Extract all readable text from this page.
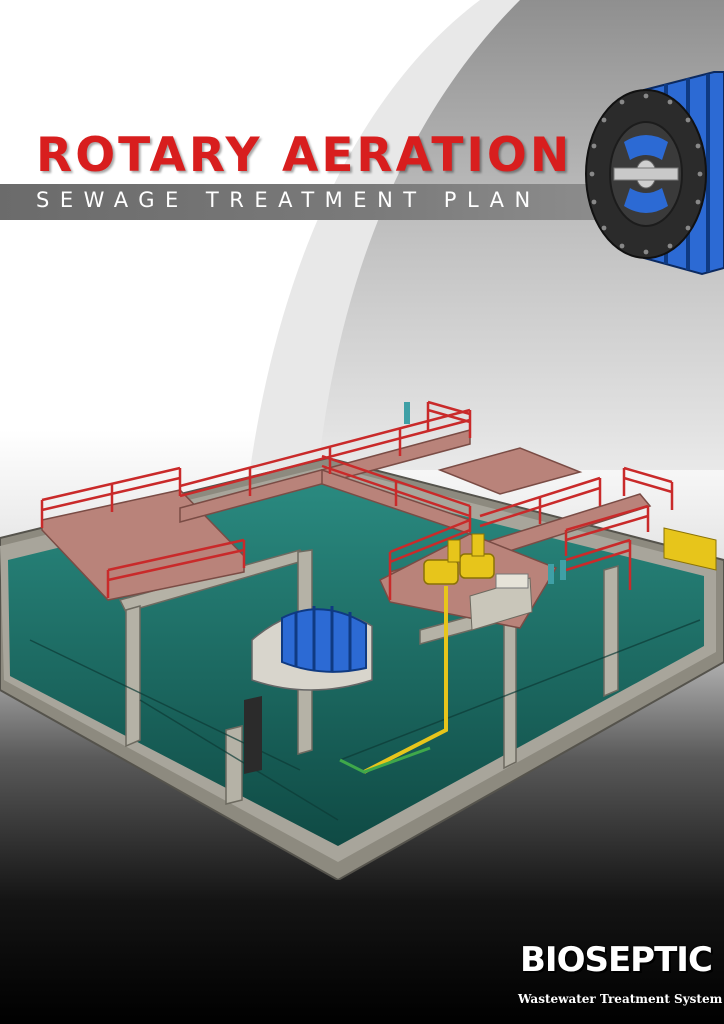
ROTARY AERATION
SEWAGE TREATMENT PLAN
BIOSEPTIC
Wastewater Treatment System
